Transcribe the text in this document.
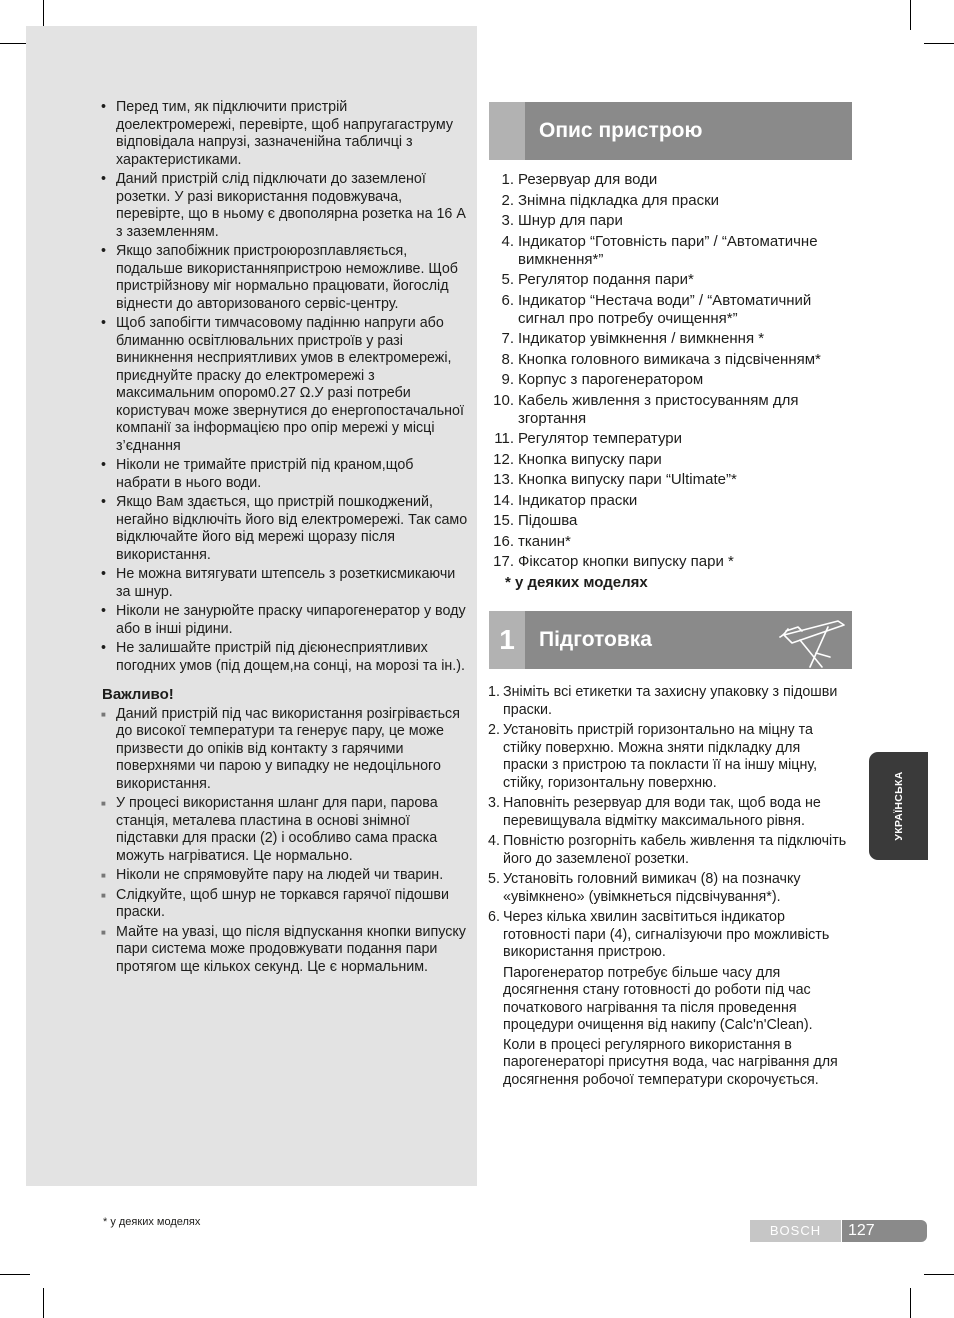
• Перед тим, як підключити пристрій доелектромережі, перевірте, щоб напругагаструму відповідала напрузі, зазначенійна табличці з характеристиками.
• Даний пристрій слід підключати до заземленої розетки. У разі використання подовжувача, перевірте, що в ньому є двополярна розетка на 16 А з заземленням.
• Якщо запобіжник пристроюрозплавляється, подальше використанняпристрою неможливе. Щоб пристрійзнову міг нормально працювати, йогослід віднести до авторизованого сервіс-центру.
• Щоб запобігти тимчасовому падінню напруги або блиманню освітлювальних пристроїв у разі виникнення несприятливих умов в електромережі, приєднуйте праску до електромережі з максимальним опором0.27 Ω.У разі потреби користувач може звернутися до енергопостачальної компанії за інформацією про опір мережі у місці з’єднання
• Ніколи не тримайте пристрій під краном,щоб набрати в нього води.
• Якщо Вам здається, що пристрій пошкоджений, негайно відключіть його від електромережі. Так само відключайте його від мережі щоразу після використання.
• Не можна витягувати штепсель з розеткисмикаючи за шнур.
• Ніколи не занурюйте праску чипарогенератор у воду або в інші рідини.
• Не залишайте пристрій під дієюнесприятливих погодних умов (під дощем,на сонці, на морозі та ін.).
Важливо!
■ Даний пристрій під час використання розігрівається до високої температури та генерує пару, це може призвести до опіків від контакту з гарячими поверхнями чи парою у випадку не недоцільного використання.
■ У процесі використання шланг для пари, парова станція, металева пластина в основі знімної підставки для праски (2) і особливо сама праска можуть нагріватися. Це нормально.
■ Ніколи не спрямовуйте пару на людей чи тварин.
■ Слідкуйте, щоб шнур не торкався гарячої підошви праски.
■ Майте на увазі, що після відпускання кнопки випуску пари система може продовжувати подання пари протягом ще кількох секунд. Це є нормальним.
Опис пристрою
1. Резервуар для води
2. Знімна підкладка для праски
3. Шнур для пари
4. Індикатор “Готовність пари” / “Автоматичне вимкнення*”
5. Регулятор подання пари*
6. Індикатор “Нестача води” / “Автоматичний сигнал про потребу очищення*”
7. Індикатор увімкнення / вимкнення *
8. Кнопка головного вимикача з підсвіченням*
9. Корпус з парогенератором
10. Кабель живлення з пристосуванням для згортання
11. Регулятор температури
12. Кнопка випуску пари
13. Кнопка випуску пари “Ultimate”*
14. Індикатор праски
15. Підошва
16. тканин*
17. Фіксатор кнопки випуску пари *
* у деяких моделях
1	Підготовка
1. Зніміть всі етикетки та захисну упаковку з підошви праски.
2. Установіть пристрій горизонтально на міцну та стійку поверхню. Можна зняти підкладку для праски з пристрою та покласти її на іншу міцну, стійку, горизонтальну поверхню.
3. Наповніть резервуар для води так, щоб вода не перевищувала відмітку максимального рівня.
4. Повністю розгорніть кабель живлення та підключіть його до заземленої розетки.
5. Установіть головний вимикач (8) на позначку «увімкнено» (увімкнеться підсвічування*).
6. Через кілька хвилин засвітиться індикатор готовності пари (4), сигналізуючи про можливість використання пристрою.
Парогенератор потребує більше часу для досягнення стану готовності до роботи під час початкового нагрівання та після проведення процедури очищення від накипу (Calc'n'Clean).
Коли в процесі регулярного використання в парогенераторі присутня вода, час нагрівання для досягнення робочої температури скорочується.
УКРАЇНСЬКА
* у деяких моделях
BOSCH	127
